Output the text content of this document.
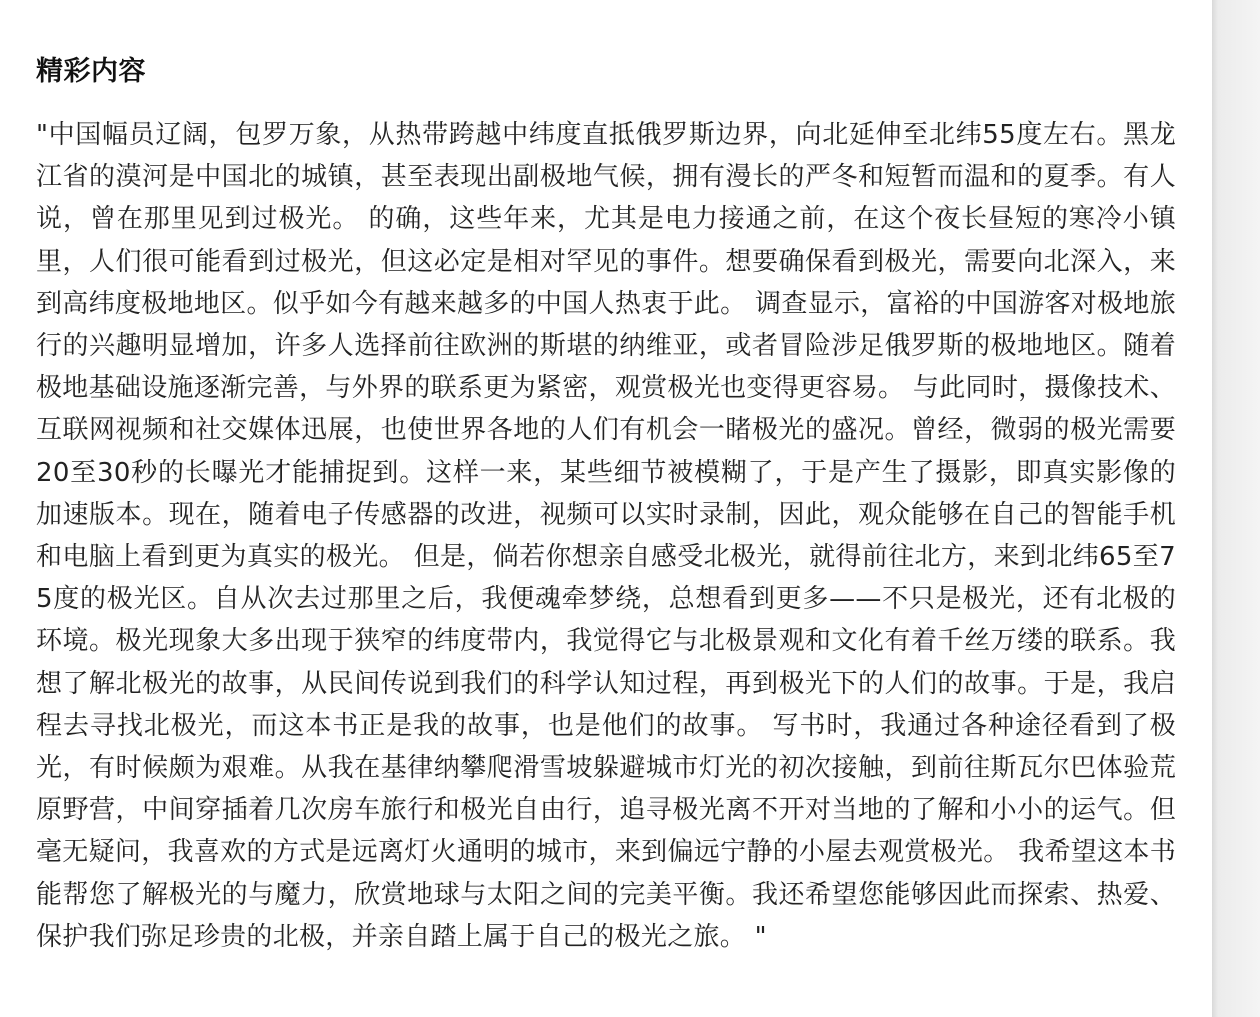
精彩内容

"中国幅员辽阔，包罗万象，从热带跨越中纬度直抵俄罗斯边界，向北延伸至北纬55度左右。黑龙江省的漠河是中国北的城镇，甚至表现出副极地气候，拥有漫长的严冬和短暂而温和的夏季。有人说，曾在那里见到过极光。 的确，这些年来，尤其是电力接通之前，在这个夜长昼短的寒冷小镇里，人们很可能看到过极光，但这必定是相对罕见的事件。想要确保看到极光，需要向北深入，来到高纬度极地地区。似乎如今有越来越多的中国人热衷于此。 调查显示，富裕的中国游客对极地旅行的兴趣明显增加，许多人选择前往欧洲的斯堪的纳维亚，或者冒险涉足俄罗斯的极地地区。随着极地基础设施逐渐完善，与外界的联系更为紧密，观赏极光也变得更容易。 与此同时，摄像技术、互联网视频和社交媒体迅展，也使世界各地的人们有机会一睹极光的盛况。曾经，微弱的极光需要20至30秒的长曝光才能捕捉到。这样一来，某些细节被模糊了，于是产生了摄影，即真实影像的加速版本。现在，随着电子传感器的改进，视频可以实时录制，因此，观众能够在自己的智能手机和电脑上看到更为真实的极光。 但是，倘若你想亲自感受北极光，就得前往北方，来到北纬65至75度的极光区。自从次去过那里之后，我便魂牵梦绕，总想看到更多——不只是极光，还有北极的环境。极光现象大多出现于狭窄的纬度带内，我觉得它与北极景观和文化有着千丝万缕的联系。我想了解北极光的故事，从民间传说到我们的科学认知过程，再到极光下的人们的故事。于是，我启程去寻找北极光，而这本书正是我的故事，也是他们的故事。 写书时，我通过各种途径看到了极光，有时候颇为艰难。从我在基律纳攀爬滑雪坡躲避城市灯光的初次接触，到前往斯瓦尔巴体验荒原野营，中间穿插着几次房车旅行和极光自由行，追寻极光离不开对当地的了解和小小的运气。但毫无疑问，我喜欢的方式是远离灯火通明的城市，来到偏远宁静的小屋去观赏极光。 我希望这本书能帮您了解极光的与魔力，欣赏地球与太阳之间的完美平衡。我还希望您能够因此而探索、热爱、保护我们弥足珍贵的北极，并亲自踏上属于自己的极光之旅。 "
